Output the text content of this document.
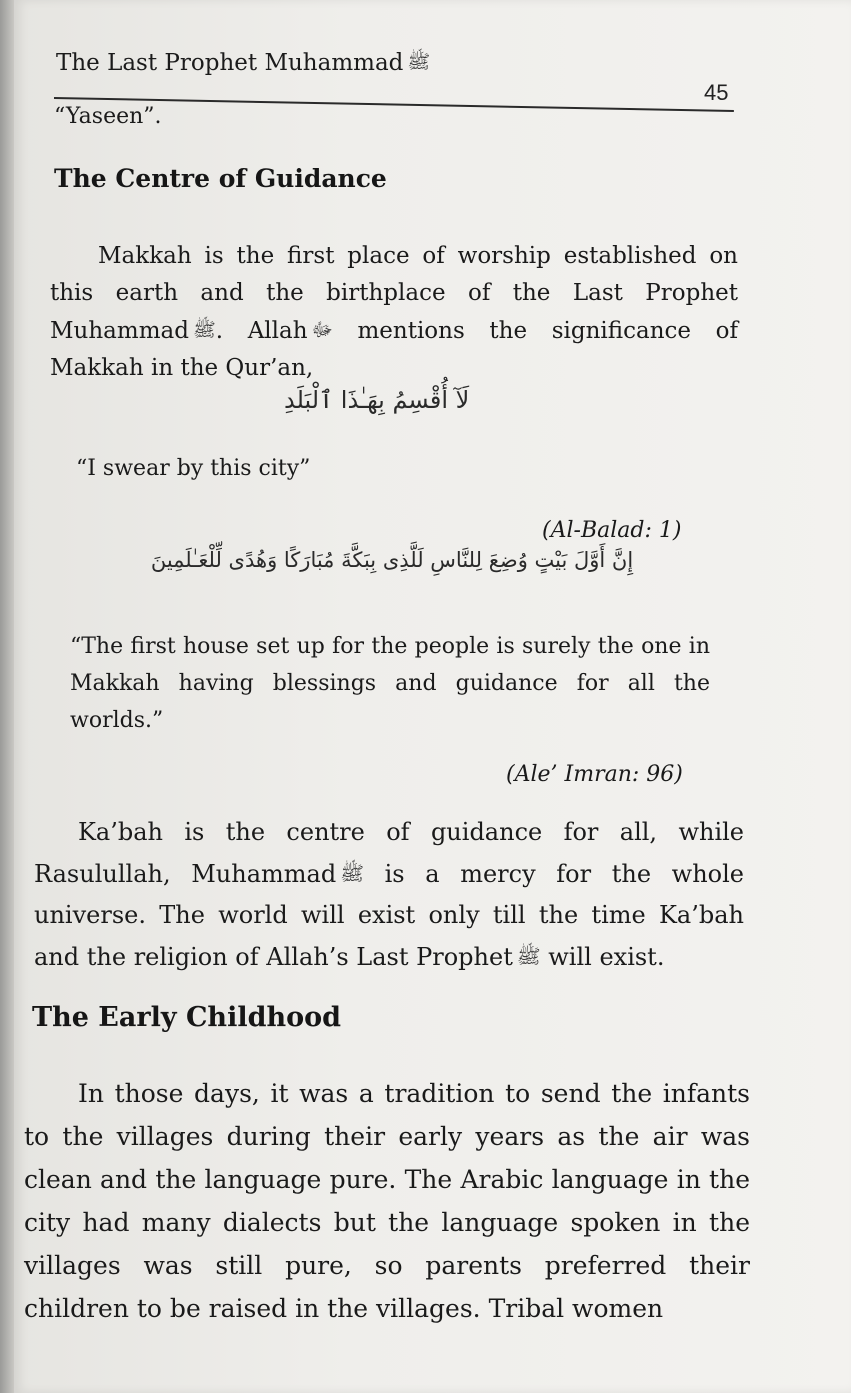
The Last Prophet Muhammad ﷺ
45
“Yaseen”.
The Centre of Guidance

Makkah is the first place of worship established on this earth and the birthplace of the Last Prophet Muhammad ﷺ. Allah ﷻ mentions the significance of Makkah in the Qur’an,

لَآ أُقْسِمُ بِهَـٰذَا ٱلْبَلَدِ

“I swear by this city”

(Al-Balad: 1)
إِنَّ أَوَّلَ بَيْتٍ وُضِعَ لِلنَّاسِ لَلَّذِى بِبَكَّةَ مُبَارَكًا وَهُدًى لِّلْعَـٰلَمِينَ

“The first house set up for the people is surely the one in Makkah having blessings and guidance for all the worlds.”

(Ale’ Imran: 96)

Ka’bah is the centre of guidance for all, while Rasulullah, Muhammad ﷺ is a mercy for the whole universe. The world will exist only till the time Ka’bah and the religion of Allah’s Last Prophet ﷺ will exist.

The Early Childhood

In those days, it was a tradition to send the infants to the villages during their early years as the air was clean and the language pure. The Arabic language in the city had many dialects but the language spoken in the villages was still pure, so parents preferred their children to be raised in the villages. Tribal women
